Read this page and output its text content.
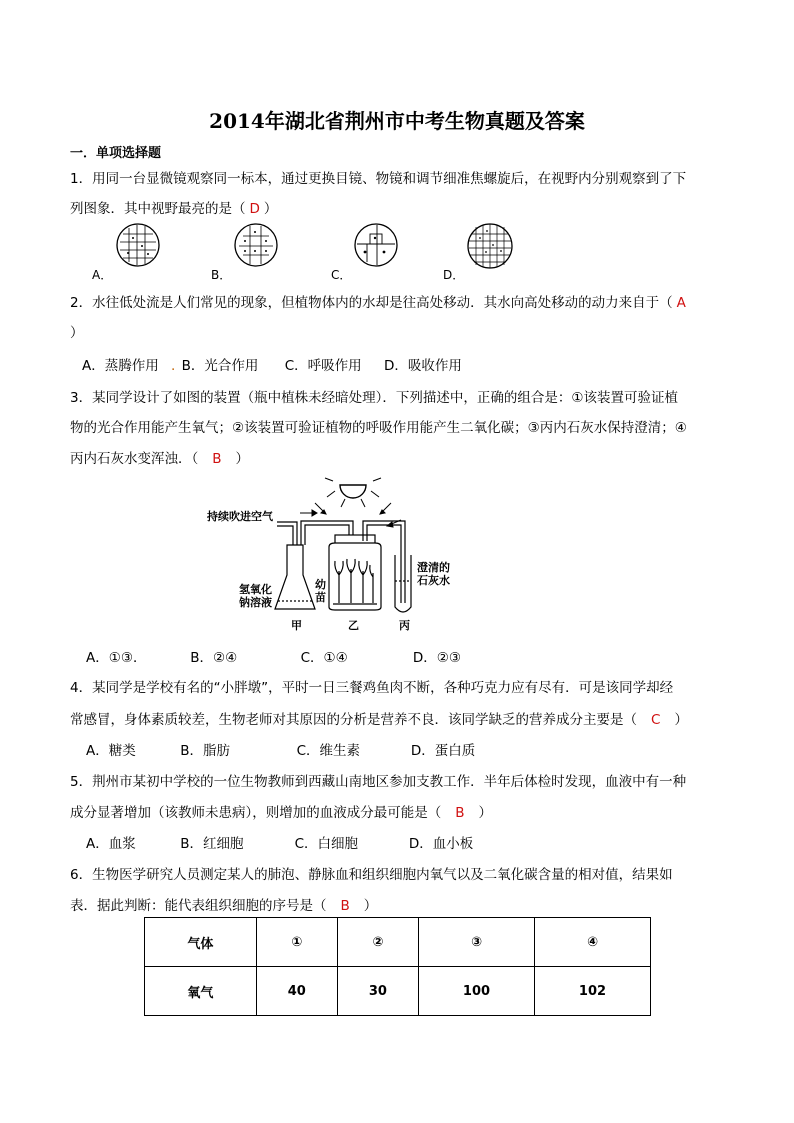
2014年湖北省荆州市中考生物真题及答案
一．单项选择题
1．用同一台显微镜观察同一标本，通过更换目镜、物镜和调节细准焦螺旋后，在视野内分别观察到了下
列图象．其中视野最亮的是（ D ）
A．	B．	C．	D．
2．水往低处流是人们常见的现象，但植物体内的水却是往高处移动．其水向高处移动的动力来自于（ A
）
A．蒸腾作用 . B．光合作用 C．呼吸作用 D．吸收作用
3．某同学设计了如图的装置（瓶中植株未经暗处理）．下列描述中，正确的组合是：①该装置可验证植
物的光合作用能产生氧气；②该装置可验证植物的呼吸作用能产生二氧化碳；③丙内石灰水保持澄清；④
丙内石灰水变浑浊．（ B ）
持续吹进空气
氢氧化
钠溶液
幼
苗
澄清的
石灰水
甲	乙	丙
A．①③．	B．②④	C．①④	D．②③
4．某同学是学校有名的“小胖墩”，平时一日三餐鸡鱼肉不断，各种巧克力应有尽有．可是该同学却经
常感冒，身体素质较差，生物老师对其原因的分析是营养不良．该同学缺乏的营养成分主要是（ C ）
A．糖类	B．脂肪	C．维生素	D．蛋白质
5．荆州市某初中学校的一位生物教师到西藏山南地区参加支教工作．半年后体检时发现，血液中有一种
成分显著增加（该教师未患病），则增加的血液成分最可能是（ B ）
A．血浆	B．红细胞	C．白细胞	D．血小板
6．生物医学研究人员测定某人的肺泡、静脉血和组织细胞内氧气以及二氧化碳含量的相对值，结果如
表．据此判断：能代表组织细胞的序号是（ B ）
气体	①	②	③	④
氧气	40	30	100	102
